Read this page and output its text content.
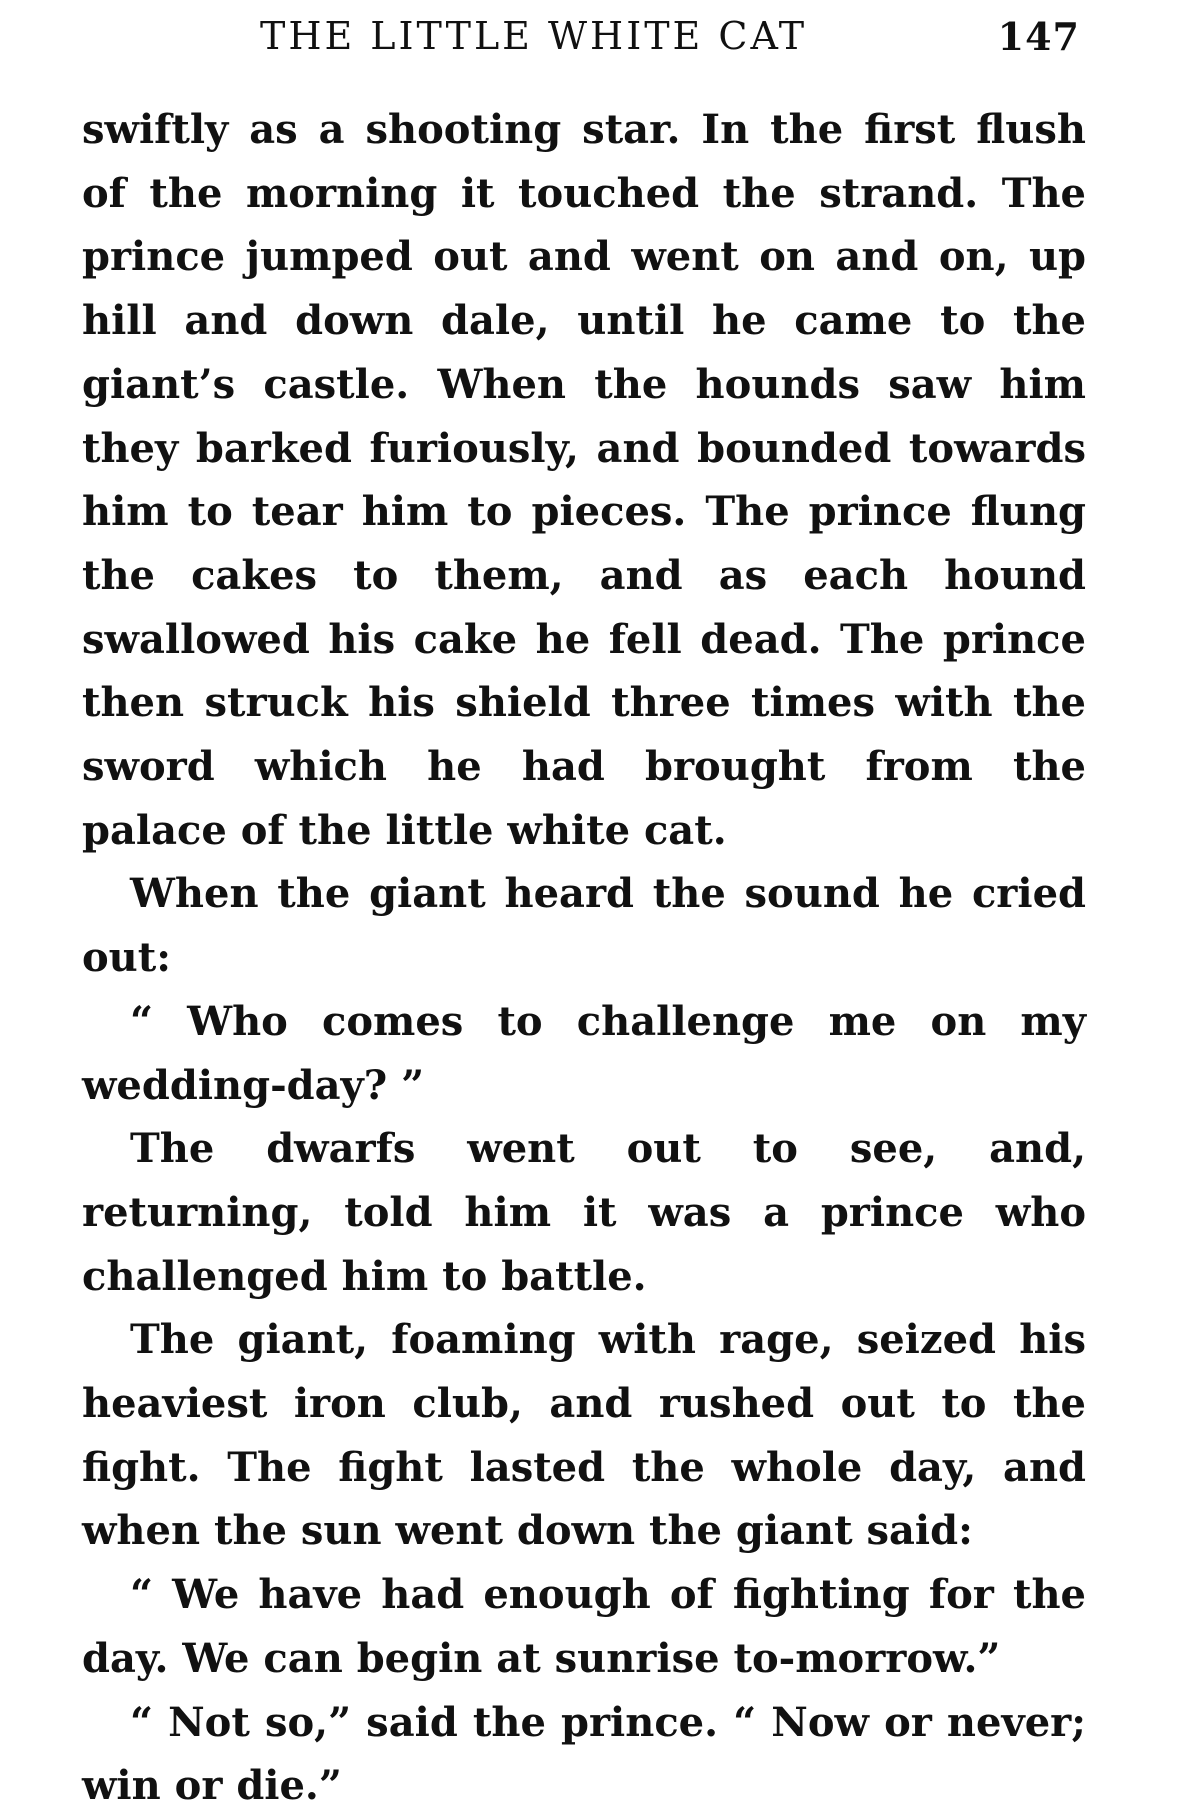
THE LITTLE WHITE CAT	147

swiftly as a shooting star. In the first flush of the morning it touched the strand. The prince jumped out and went on and on, up hill and down dale, until he came to the giant’s castle. When the hounds saw him they barked furiously, and bounded towards him to tear him to pieces. The prince flung the cakes to them, and as each hound swallowed his cake he fell dead. The prince then struck his shield three times with the sword which he had brought from the palace of the little white cat.

When the giant heard the sound he cried out:

“ Who comes to challenge me on my wedding-day? ”

The dwarfs went out to see, and, returning, told him it was a prince who challenged him to battle.

The giant, foaming with rage, seized his heaviest iron club, and rushed out to the fight. The fight lasted the whole day, and when the sun went down the giant said:

“ We have had enough of fighting for the day. We can begin at sunrise to-morrow.”

“ Not so,” said the prince. “ Now or never; win or die.”
